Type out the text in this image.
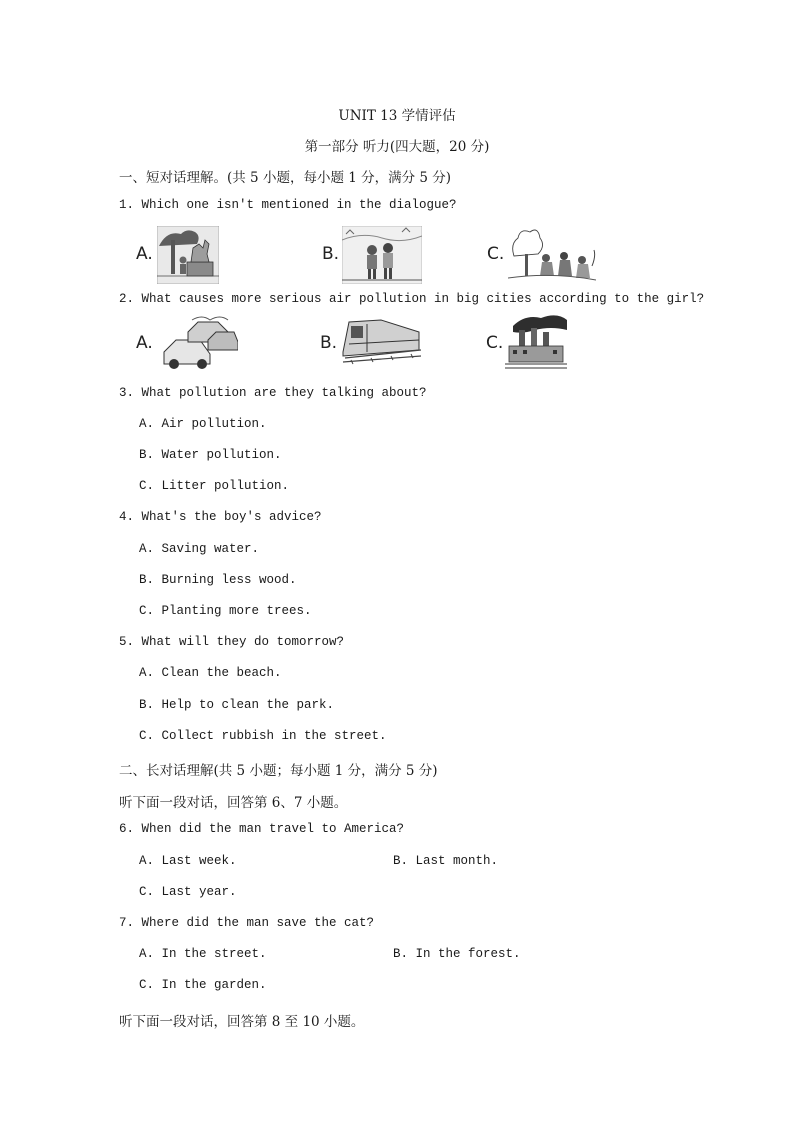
UNIT 13 学情评估
第一部分 听力(四大题，20 分)
一、短对话理解。(共 5 小题，每小题 1 分，满分 5 分)
1. Which one isn't mentioned in the dialogue?
A.	B.	C.
2. What causes more serious air pollution in big cities according to the girl?
A.	B.	C.
3. What pollution are they talking about?
A. Air pollution.
B. Water pollution.
C. Litter pollution.
4. What's the boy's advice?
A. Saving water.
B. Burning less wood.
C. Planting more trees.
5. What will they do tomorrow?
A. Clean the beach.
B. Help to clean the park.
C. Collect rubbish in the street.
二、长对话理解(共 5 小题；每小题 1 分，满分 5 分)
听下面一段对话，回答第 6、7 小题。
6. When did the man travel to America?
A. Last week.	B. Last month.
C. Last year.
7. Where did the man save the cat?
A. In the street.	B. In the forest.
C. In the garden.
听下面一段对话，回答第 8 至 10 小题。
